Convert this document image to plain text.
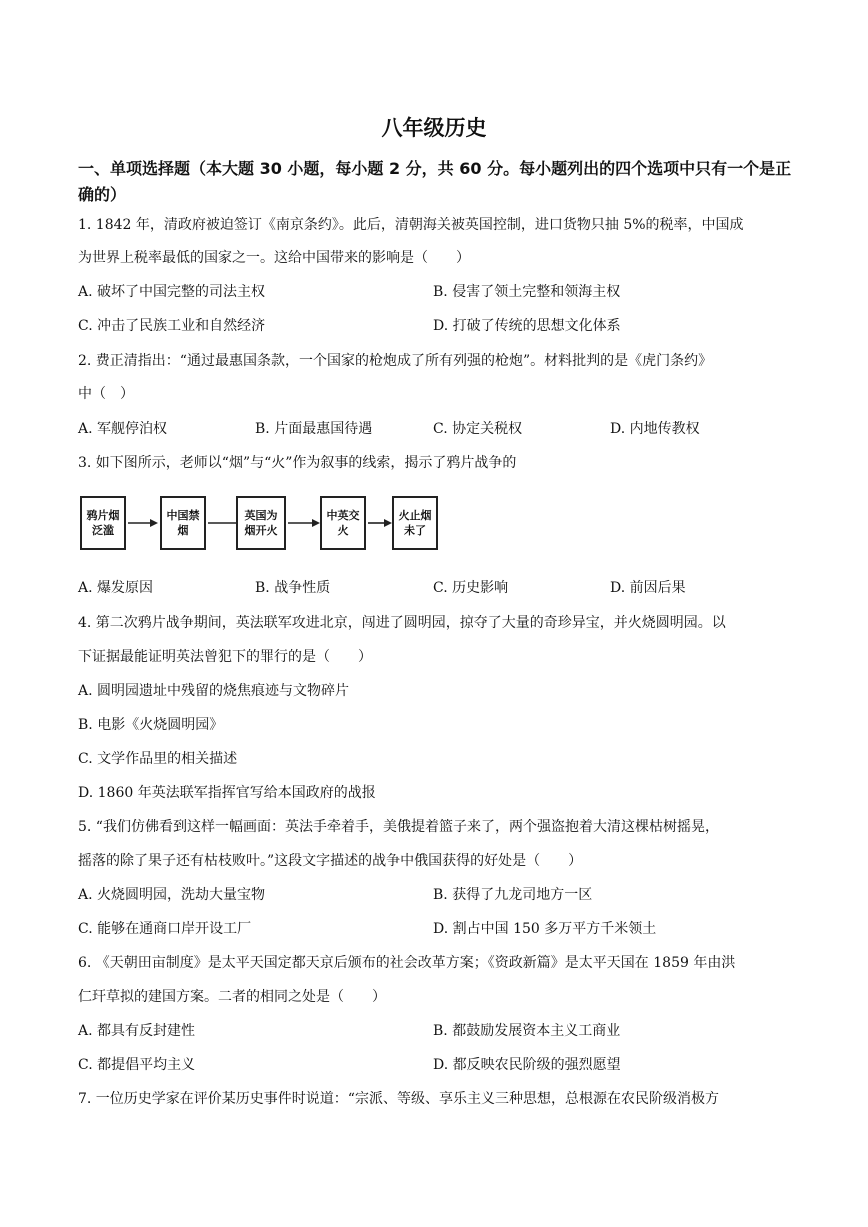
八年级历史
一、单项选择题（本大题 30 小题，每小题 2 分，共 60 分。每小题列出的四个选项中只有一个是正确的）
1. 1842 年，清政府被迫签订《南京条约》。此后，清朝海关被英国控制，进口货物只抽 5%的税率，中国成
为世界上税率最低的国家之一。这给中国带来的影响是（　　）
A. 破坏了中国完整的司法主权	B. 侵害了领土完整和领海主权
C. 冲击了民族工业和自然经济	D. 打破了传统的思想文化体系
2. 费正清指出：“通过最惠国条款，一个国家的枪炮成了所有列强的枪炮”。材料批判的是《虎门条约》
中（　）
A. 军舰停泊权	B. 片面最惠国待遇	C. 协定关税权	D. 内地传教权
3. 如下图所示，老师以“烟”与“火”作为叙事的线索，揭示了鸦片战争的
鸦片烟泛滥
中国禁烟
英国为烟开火
中英交火
火止烟未了
A. 爆发原因	B. 战争性质	C. 历史影响	D. 前因后果
4. 第二次鸦片战争期间，英法联军攻进北京，闯进了圆明园，掠夺了大量的奇珍异宝，并火烧圆明园。以
下证据最能证明英法曾犯下的罪行的是（　　）
A. 圆明园遗址中残留的烧焦痕迹与文物碎片
B. 电影《火烧圆明园》
C. 文学作品里的相关描述
D. 1860 年英法联军指挥官写给本国政府的战报
5. “我们仿佛看到这样一幅画面：英法手牵着手，美俄提着篮子来了，两个强盗抱着大清这棵枯树摇晃，
摇落的除了果子还有枯枝败叶。”这段文字描述的战争中俄国获得的好处是（　　）
A. 火烧圆明园，洗劫大量宝物	B. 获得了九龙司地方一区
C. 能够在通商口岸开设工厂	D. 割占中国 150 多万平方千米领土
6. 《天朝田亩制度》是太平天国定都天京后颁布的社会改革方案；《资政新篇》是太平天国在 1859 年由洪
仁玕草拟的建国方案。二者的相同之处是（　　）
A. 都具有反封建性	B. 都鼓励发展资本主义工商业
C. 都提倡平均主义	D. 都反映农民阶级的强烈愿望
7. 一位历史学家在评价某历史事件时说道：“宗派、等级、享乐主义三种思想，总根源在农民阶级消极方
